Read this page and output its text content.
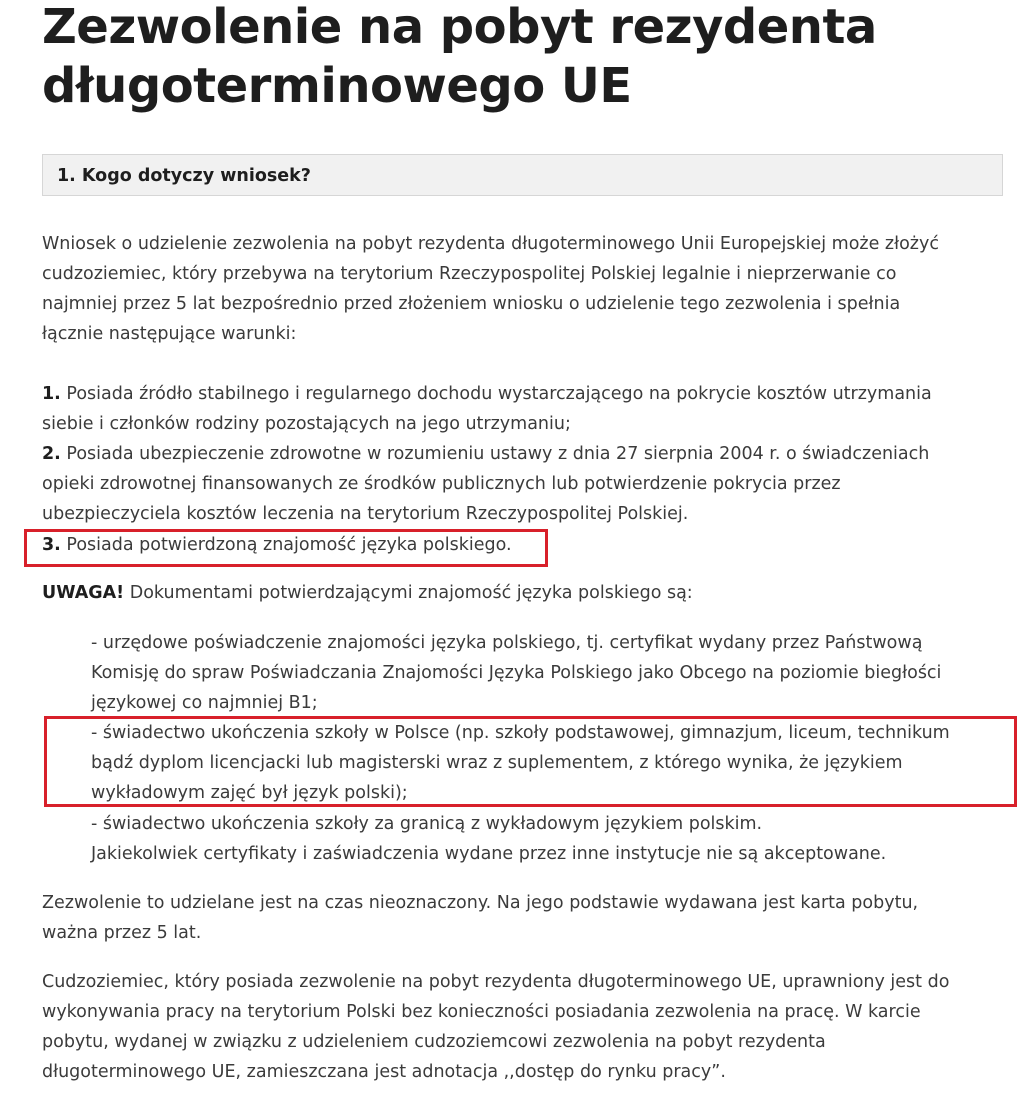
Zezwolenie na pobyt rezydenta długoterminowego UE
1. Kogo dotyczy wniosek?
Wniosek o udzielenie zezwolenia na pobyt rezydenta długoterminowego Unii Europejskiej może złożyć
cudzoziemiec, który przebywa na terytorium Rzeczypospolitej Polskiej legalnie i nieprzerwanie co
najmniej przez 5 lat bezpośrednio przed złożeniem wniosku o udzielenie tego zezwolenia i spełnia
łącznie następujące warunki:
1. Posiada źródło stabilnego i regularnego dochodu wystarczającego na pokrycie kosztów utrzymania
siebie i członków rodziny pozostających na jego utrzymaniu;
2. Posiada ubezpieczenie zdrowotne w rozumieniu ustawy z dnia 27 sierpnia 2004 r. o świadczeniach
opieki zdrowotnej finansowanych ze środków publicznych lub potwierdzenie pokrycia przez
ubezpieczyciela kosztów leczenia na terytorium Rzeczypospolitej Polskiej.
3. Posiada potwierdzoną znajomość języka polskiego.
UWAGA! Dokumentami potwierdzającymi znajomość języka polskiego są:
- urzędowe poświadczenie znajomości języka polskiego, tj. certyfikat wydany przez Państwową
Komisję do spraw Poświadczania Znajomości Języka Polskiego jako Obcego na poziomie biegłości
językowej co najmniej B1;
- świadectwo ukończenia szkoły w Polsce (np. szkoły podstawowej, gimnazjum, liceum, technikum
bądź dyplom licencjacki lub magisterski wraz z suplementem, z którego wynika, że językiem
wykładowym zajęć był język polski);
- świadectwo ukończenia szkoły za granicą z wykładowym językiem polskim.
Jakiekolwiek certyfikaty i zaświadczenia wydane przez inne instytucje nie są akceptowane.
Zezwolenie to udzielane jest na czas nieoznaczony. Na jego podstawie wydawana jest karta pobytu,
ważna przez 5 lat.
Cudzoziemiec, który posiada zezwolenie na pobyt rezydenta długoterminowego UE, uprawniony jest do
wykonywania pracy na terytorium Polski bez konieczności posiadania zezwolenia na pracę. W karcie
pobytu, wydanej w związku z udzieleniem cudzoziemcowi zezwolenia na pobyt rezydenta
długoterminowego UE, zamieszczana jest adnotacja ,,dostęp do rynku pracy”.
